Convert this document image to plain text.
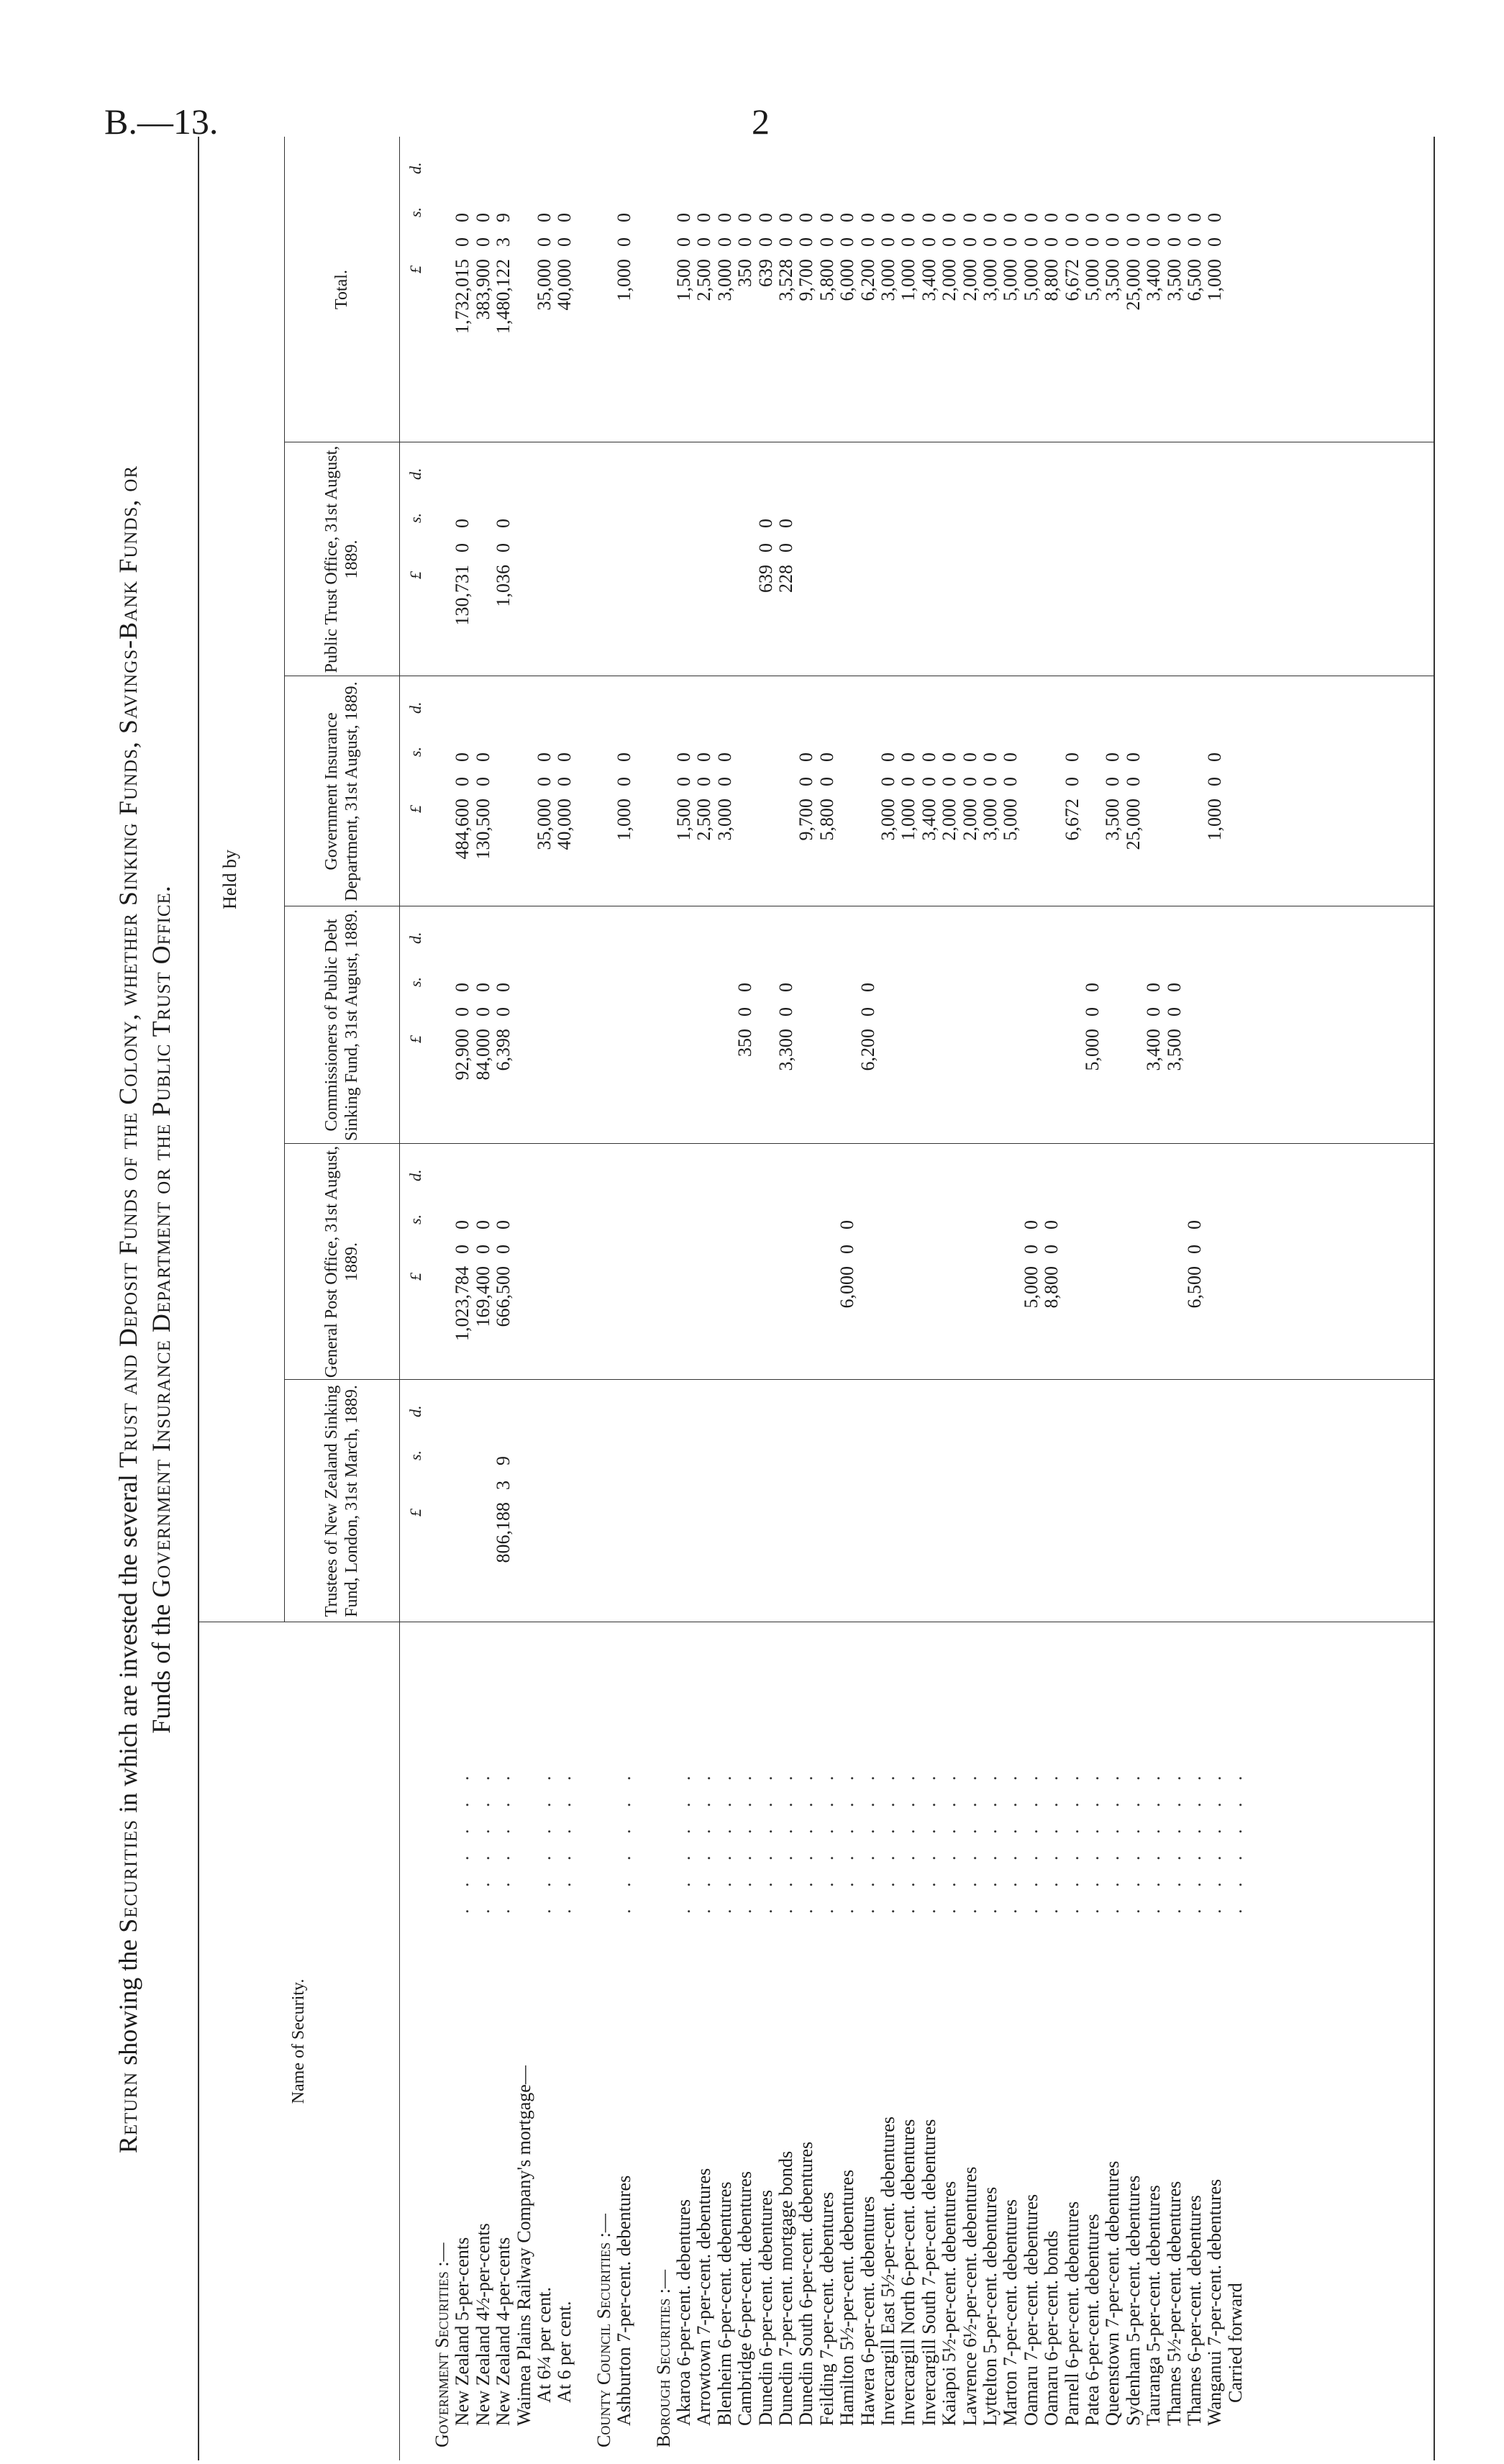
B.—13.	2
Return showing the Securities in which are invested the several Trust and Deposit Funds of the Colony, whether Sinking Funds, Savings-Bank Funds, or
Funds of the Government Insurance Department or the Public Trust Office.
Held by
Name of Security.
Trustees of New Zealand Sinking Fund, London, 31st March, 1889.
General Post Office, 31st August, 1889.
Commissioners of Public Debt Sinking Fund, 31st August, 1889.
Government Insurance Department, 31st August, 1889.
Public Trust Office, 31st August, 1889.
Total.
£
s.
d.
£
s.
d.
£
s.
d.
£
s.
d.
£
s.
d.
£
s.
d.
Government Securities :— New Zealand 5-per-cents
. . . . . .
1,023,78400
92,90000
484,60000
130,73100
1,732,01500
New Zealand 4½-per-cents
. . . . . .
169,40000
84,00000
130,50000
383,90000
New Zealand 4-per-cents
. . . . . .
806,18839
666,50000
6,39800
1,03600
1,480,12239
Waimea Plains Railway Company's mortgage— At 6¼ per cent.
. . . . . .
35,00000
35,00000
At 6 per cent.
. . . . . .
40,00000
40,00000
County Council Securities :— Ashburton 7-per-cent. debentures
. . . . . .
1,00000
1,00000
Borough Securities :— Akaroa 6-per-cent. debentures
. . . . . .
1,50000
1,50000
Arrowtown 7-per-cent. debentures
. . . . . .
2,50000
2,50000
Blenheim 6-per-cent. debentures
. . . . . .
3,00000
3,00000
Cambridge 6-per-cent. debentures
. . . . . .
35000
35000
Dunedin 6-per-cent. debentures
. . . . . .
63900
63900
Dunedin 7-per-cent. mortgage bonds
. . . . . .
3,30000
22800
3,52800
Dunedin South 6-per-cent. debentures
. . . . . .
9,70000
9,70000
Feilding 7-per-cent. debentures
. . . . . .
5,80000
5,80000
Hamilton 5½-per-cent. debentures
. . . . . .
6,00000
6,00000
Hawera 6-per-cent. debentures
. . . . . .
6,20000
6,20000
Invercargill East 5½-per-cent. debentures
. . . . . .
3,00000
3,00000
Invercargill North 6-per-cent. debentures
. . . . . .
1,00000
1,00000
Invercargill South 7-per-cent. debentures
. . . . . .
3,40000
3,40000
Kaiapoi 5½-per-cent. debentures
. . . . . .
2,00000
2,00000
Lawrence 6½-per-cent. debentures
. . . . . .
2,00000
2,00000
Lyttelton 5-per-cent. debentures
. . . . . .
3,00000
3,00000
Marton 7-per-cent. debentures
. . . . . .
5,00000
5,00000
Oamaru 7-per-cent. debentures
. . . . . .
5,00000
5,00000
Oamaru 6-per-cent. bonds
. . . . . .
8,80000
8,80000
Parnell 6-per-cent. debentures
. . . . . .
6,67200
6,67200
Patea 6-per-cent. debentures
. . . . . .
5,00000
5,00000
Queenstown 7-per-cent. debentures
. . . . . .
3,50000
3,50000
Sydenham 5-per-cent. debentures
. . . . . .
25,00000
25,00000
Tauranga 5-per-cent. debentures
. . . . . .
3,40000
3,40000
Thames 5½-per-cent. debentures
. . . . . .
3,50000
3,50000
Thames 6-per-cent. debentures
. . . . . .
6,50000
6,50000
Wanganui 7-per-cent. debentures
. . . . . .
1,00000
1,00000
Carried forward
. . . . . .
